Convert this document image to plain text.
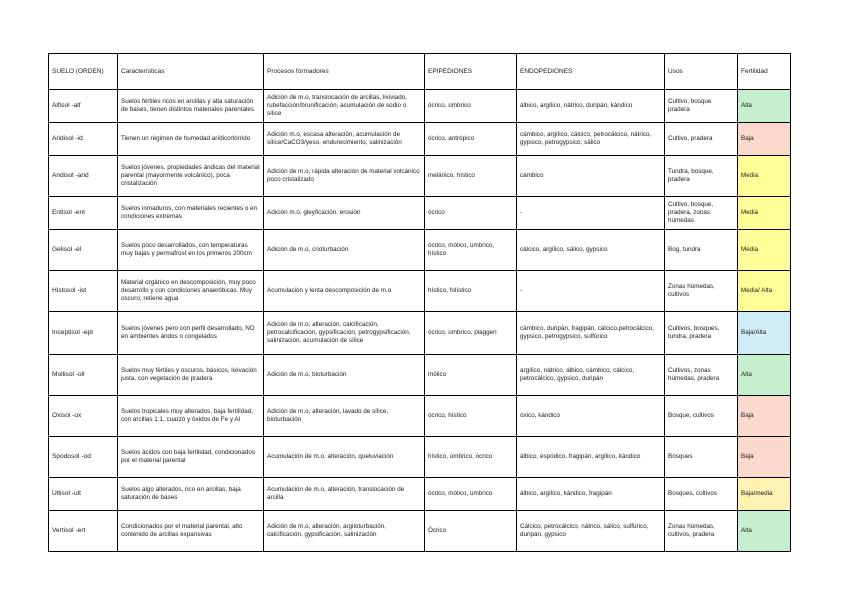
SUELO (ORDEN)	Características	Procesos formadores	EPIPEDIONES	ENDOPEDIONES	Usos	Fertilidad
Alfisol -alf	Suelos fértiles ricos en arcillas y alta saturación de bases, tienen distintos materiales parentales	Adición de m.o, translocación de arcillas, lixiviado, rubefacción/brunificación, acumulación de sodio o sílice	ócrico, úmbrico	álbico, argílico, nátrico, duripán, kándico	Cultivo, bosque pradera	Alta
Aridisol -id	Tienen un régimen de humedad arídico/tórrido	Adición m.o, escasa alteración, acumulación de sílice/CaCO3/yeso, endurecimiento, salinización	ócrico, antrópico	cámbico, argílico, cálcico, petrocálcico, nátrico, gypsico, petrogypsico, sálico	Cultivo, pradera	Baja
Andisol -and	Suelos jóvenes, propiedades ándicas del material parental (mayormente volcánico), poca cristalización	Adición de m.o, rápida alteración de material volcánico poco cristalizado	melánico, hístico	cámbico	Tundra, bosque, pradera	Media
Entisol -ent	Suelos inmaduros, con materiales recientes o en condiciones extremas	Adición m.o, gleyficación, erosión	ócrico	-	Cultivo, bosque, pradera, zonas húmedas	Media
Gelisol -el	Suelos poco desarrollados, con temperaturas muy bajas y permafrost en los primeros 200cm	Adición de m.o, crioturbación	ócrico, mólico, úmbrico, hístico	cálcico, argílico, sálico, gypsico	Bog, tundra	Media
Histosol -ist	Material orgánico en descomposición, muy poco desarrollo y con condiciones anaeróbicas. Muy oscuro, retiene agua	Acumulación y lenta descomposición de m.o	hístico, folístico	-	Zonas húmedas, cultivos	Media/ Alta
Inceptisol -ept	Suelos jóvenes pero con perfil desarrollado, NO en ambientes áridos o congelados	Adición de m.o, alteración, calcificación, petrocalcificación, gypsificación, petrogypsificación, salinización, acumulación de sílice	ócrico, úmbrico, plaggen	cámbico, duripán, fragipán, cálcico,petrocálcico, gypsico, petrogypsico, sulfúrico	Cultivos, bosques, tundra, pradera	Baja/Alta
Mollisol -oll	Suelos muy fértiles y oscuros, básicos, lixivación justa, con vegetación de pradera	Adición de m.o, bioturbación	mólico	argílico, nátrico, álbico, cámbico, cálcico, petrocálcico, gypsico, duripán	Cultivos, zonas húmedas, pradera	Alta
Oxisol -ox	Suelos tropicales muy alterados, baja fertilidad, con arcillas 1:1, cuarzo y óxidos de Fe y Al	Adición de m.o, alteración, lavado de sílice, bioturbación	ócrico, hístico	óxico, kándico	Bosque, cultivos	Baja
Spodosol -od	Suelos ácidos con baja fertilidad, condicionados por el material parental	Acumulación de m.o, alteración, queluviación	hístico, úmbrico, ócrico	álbico, espódico, fragipán, argílico, kándico	Bosques	Baja
Ultisol -ult	Suelos algo alterados, rico en arcillas, baja saturación de bases	Acumulación de m.o, alteración, translocación de arcilla	ócrico, mólico, úmbrico	álbico, argílico, kándico, fragipán	Bosques, cultivos	Baja/media
Vertisol -ert	Condicionados por el material parental, alto contenido de arcillas expansivas	Adición de m.o, alteración, argiloturbación, calcificación, gypsificación, salinización	Ócrico	Cálcico, petrocálcico, nátrico, sálico, sulfúrico, duripán, gypsico	Zonas húmedas, cultivos, pradera	Alta
